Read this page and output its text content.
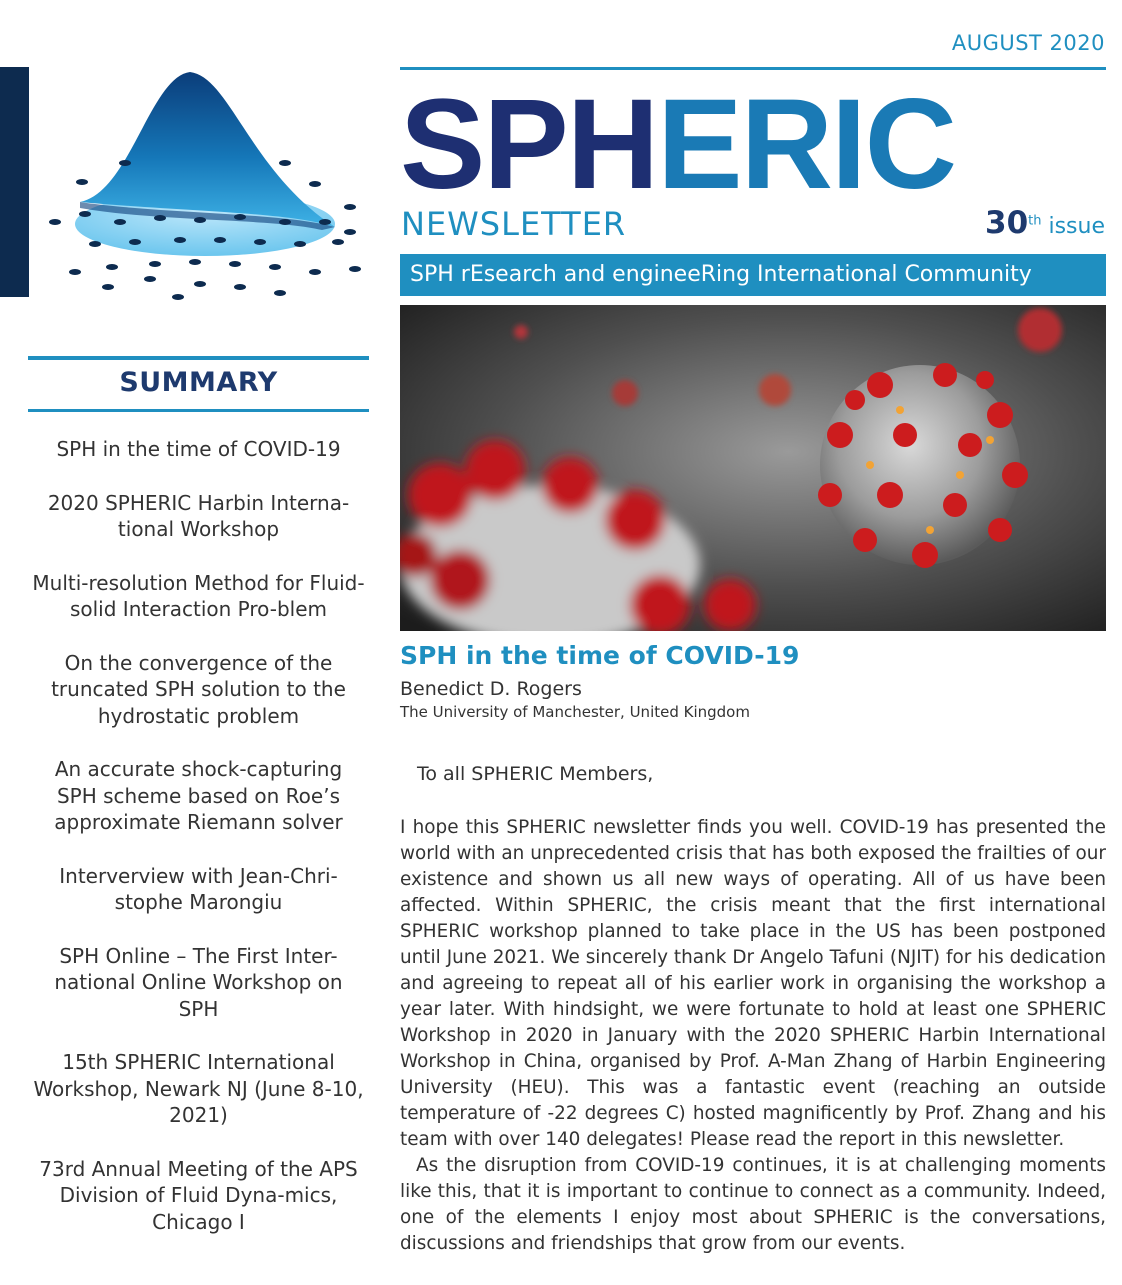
SUMMARY
SPH in the time of COVID-19
2020 SPHERIC Harbin Interna-tional Workshop
Multi-resolution Method for Fluid-solid Interaction Pro-blem
On the convergence of the truncated SPH solution to the hydrostatic problem
An accurate shock-capturing SPH scheme based on Roe’s approximate Riemann solver
Interverview with Jean-Chri-stophe Marongiu
SPH Online – The First Inter-national Online Workshop on SPH
15th SPHERIC International Workshop, Newark NJ (June 8-10, 2021)
73rd Annual Meeting of the APS Division of Fluid Dyna-mics, Chicago I
AUGUST 2020
SPHERIC
NEWSLETTER	30th issue
SPH rEsearch and engineeRing International Community
SPH in the time of COVID-19
Benedict D. Rogers
The University of Manchester, United Kingdom
To all SPHERIC Members,

I hope this SPHERIC newsletter finds you well. COVID-19 has presented the world with an unprecedented crisis that has both exposed the frailties of our existence and shown us all new ways of operating. All of us have been affected. Within SPHERIC, the crisis meant that the first international SPHERIC workshop planned to take place in the US has been postponed until June 2021. We sincerely thank Dr Angelo Tafuni (NJIT) for his dedication and agreeing to repeat all of his earlier work in organising the workshop a year later. With hindsight, we were fortunate to hold at least one SPHERIC Workshop in 2020 in January with the 2020 SPHERIC Harbin International Workshop in China, organised by Prof. A-Man Zhang of Harbin Engineering University (HEU). This was a fantastic event (reaching an outside temperature of -22 degrees C) hosted magnificently by Prof. Zhang and his team with over 140 delegates! Please read the report in this newsletter.

As the disruption from COVID-19 continues, it is at challenging moments like this, that it is important to continue to connect as a community. Indeed, one of the elements I enjoy most about SPHERIC is the conversations, discussions and friendships that grow from our events.
